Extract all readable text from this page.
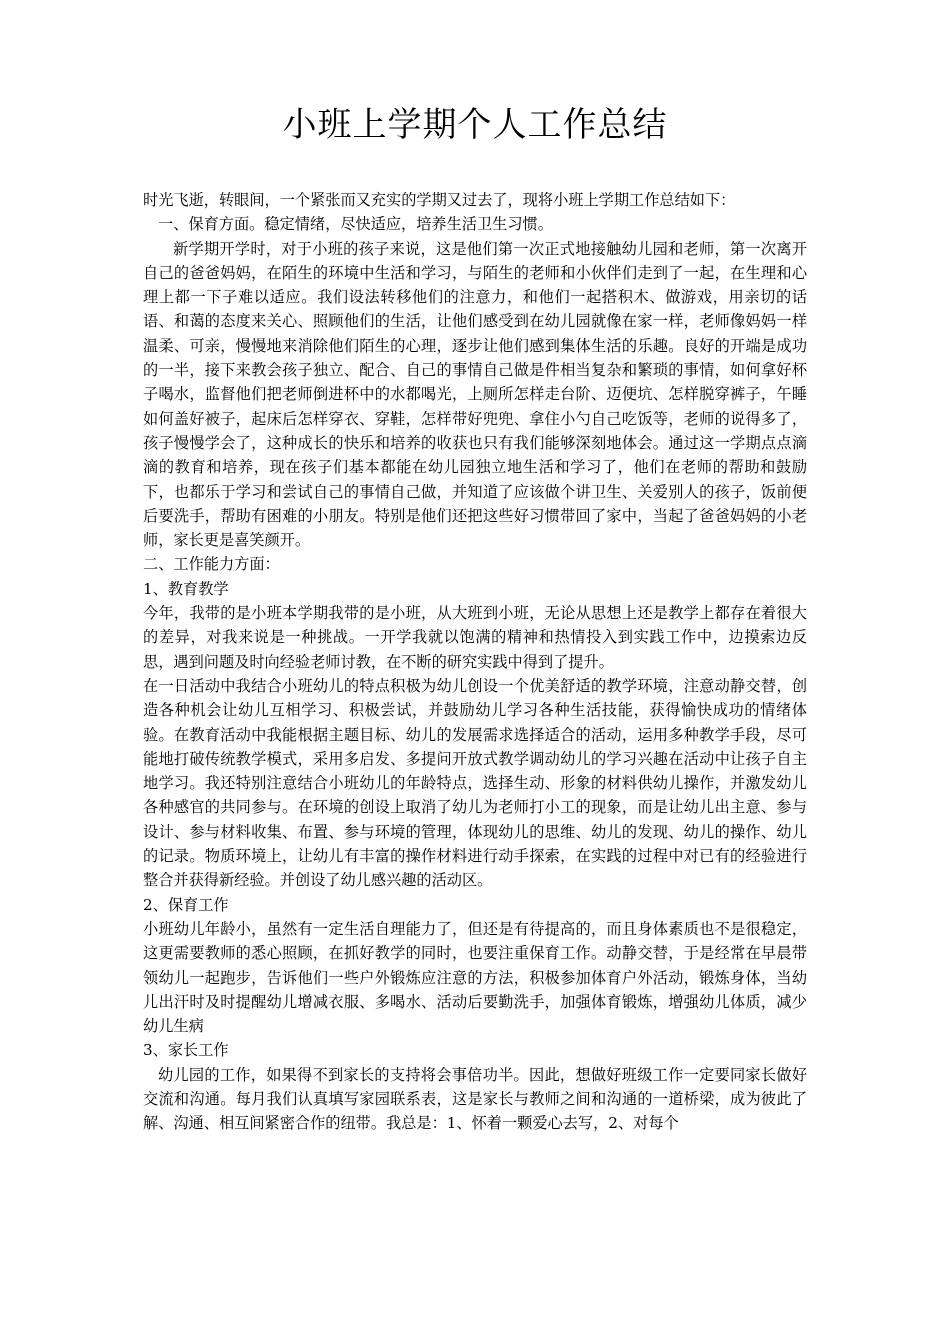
小班上学期个人工作总结

时光飞逝，转眼间，一个紧张而又充实的学期又过去了，现将小班上学期工作总结如下：

一、保育方面。稳定情绪，尽快适应，培养生活卫生习惯。

新学期开学时，对于小班的孩子来说，这是他们第一次正式地接触幼儿园和老师，第一次离开自己的爸爸妈妈，在陌生的环境中生活和学习，与陌生的老师和小伙伴们走到了一起，在生理和心理上都一下子难以适应。我们设法转移他们的注意力，和他们一起搭积木、做游戏，用亲切的话语、和蔼的态度来关心、照顾他们的生活，让他们感受到在幼儿园就像在家一样，老师像妈妈一样温柔、可亲，慢慢地来消除他们陌生的心理，逐步让他们感到集体生活的乐趣。良好的开端是成功的一半，接下来教会孩子独立、配合、自己的事情自己做是件相当复杂和繁琐的事情，如何拿好杯子喝水，监督他们把老师倒进杯中的水都喝光，上厕所怎样走台阶、迈便坑、怎样脱穿裤子，午睡如何盖好被子，起床后怎样穿衣、穿鞋，怎样带好兜兜、拿住小勺自己吃饭等，老师的说得多了，孩子慢慢学会了，这种成长的快乐和培养的收获也只有我们能够深刻地体会。通过这一学期点点滴滴的教育和培养，现在孩子们基本都能在幼儿园独立地生活和学习了，他们在老师的帮助和鼓励下，也都乐于学习和尝试自己的事情自己做，并知道了应该做个讲卫生、关爱别人的孩子，饭前便后要洗手，帮助有困难的小朋友。特别是他们还把这些好习惯带回了家中，当起了爸爸妈妈的小老师，家长更是喜笑颜开。

二、工作能力方面：

1、教育教学

今年，我带的是小班本学期我带的是小班，从大班到小班，无论从思想上还是教学上都存在着很大的差异，对我来说是一种挑战。一开学我就以饱满的精神和热情投入到实践工作中，边摸索边反思，遇到问题及时向经验老师讨教，在不断的研究实践中得到了提升。

在一日活动中我结合小班幼儿的特点积极为幼儿创设一个优美舒适的教学环境，注意动静交替，创造各种机会让幼儿互相学习、积极尝试，并鼓励幼儿学习各种生活技能，获得愉快成功的情绪体验。在教育活动中我能根据主题目标、幼儿的发展需求选择适合的活动，运用多种教学手段，尽可能地打破传统教学模式，采用多启发、多提问开放式教学调动幼儿的学习兴趣在活动中让孩子自主地学习。我还特别注意结合小班幼儿的年龄特点，选择生动、形象的材料供幼儿操作，并激发幼儿各种感官的共同参与。在环境的创设上取消了幼儿为老师打小工的现象，而是让幼儿出主意、参与设计、参与材料收集、布置、参与环境的管理，体现幼儿的思维、幼儿的发现、幼儿的操作、幼儿的记录。物质环境上，让幼儿有丰富的操作材料进行动手探索，在实践的过程中对已有的经验进行整合并获得新经验。并创设了幼儿感兴趣的活动区。

2、保育工作

小班幼儿年龄小，虽然有一定生活自理能力了，但还是有待提高的，而且身体素质也不是很稳定，这更需要教师的悉心照顾，在抓好教学的同时，也要注重保育工作。动静交替，于是经常在早晨带领幼儿一起跑步，告诉他们一些户外锻炼应注意的方法，积极参加体育户外活动，锻炼身体，当幼儿出汗时及时提醒幼儿增减衣服、多喝水、活动后要勤洗手，加强体育锻炼，增强幼儿体质，减少幼儿生病

3、家长工作

幼儿园的工作，如果得不到家长的支持将会事倍功半。因此，想做好班级工作一定要同家长做好交流和沟通。每月我们认真填写家园联系表，这是家长与教师之间和沟通的一道桥梁，成为彼此了解、沟通、相互间紧密合作的纽带。我总是：1、怀着一颗爱心去写，2、对每个
